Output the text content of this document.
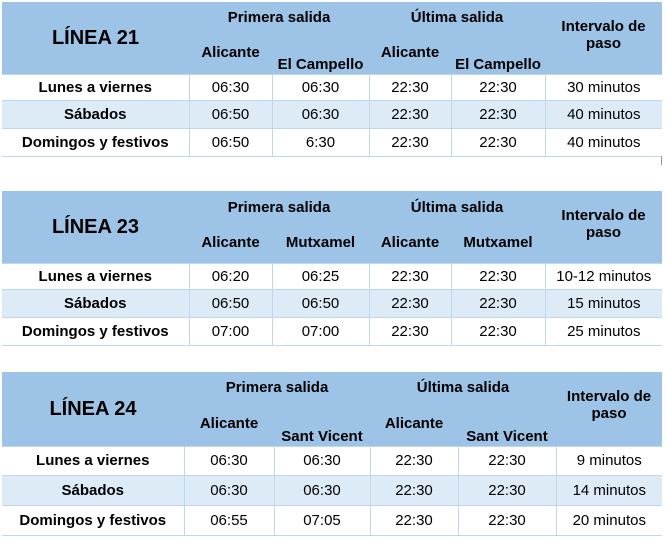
LÍNEA 21	Primera salida		Última salida		Intervalo de paso
	Alicante	El Campello	Alicante	El Campello	
Lunes a viernes	06:30	06:30	22:30	22:30	30 minutos
Sábados	06:50	06:30	22:30	22:30	40 minutos
Domingos y festivos	06:50	6:30	22:30	22:30	40 minutos
LÍNEA 23	Primera salida		Última salida		Intervalo de paso
	Alicante	Mutxamel	Alicante	Mutxamel	
Lunes a viernes	06:20	06:25	22:30	22:30	10-12 minutos
Sábados	06:50	06:50	22:30	22:30	15 minutos
Domingos y festivos	07:00	07:00	22:30	22:30	25 minutos
LÍNEA 24	Primera salida		Última salida		Intervalo de paso
	Alicante	Sant Vicent	Alicante	Sant Vicent	
Lunes a viernes	06:30	06:30	22:30	22:30	9 minutos
Sábados	06:30	06:30	22:30	22:30	14 minutos
Domingos y festivos	06:55	07:05	22:30	22:30	20 minutos
